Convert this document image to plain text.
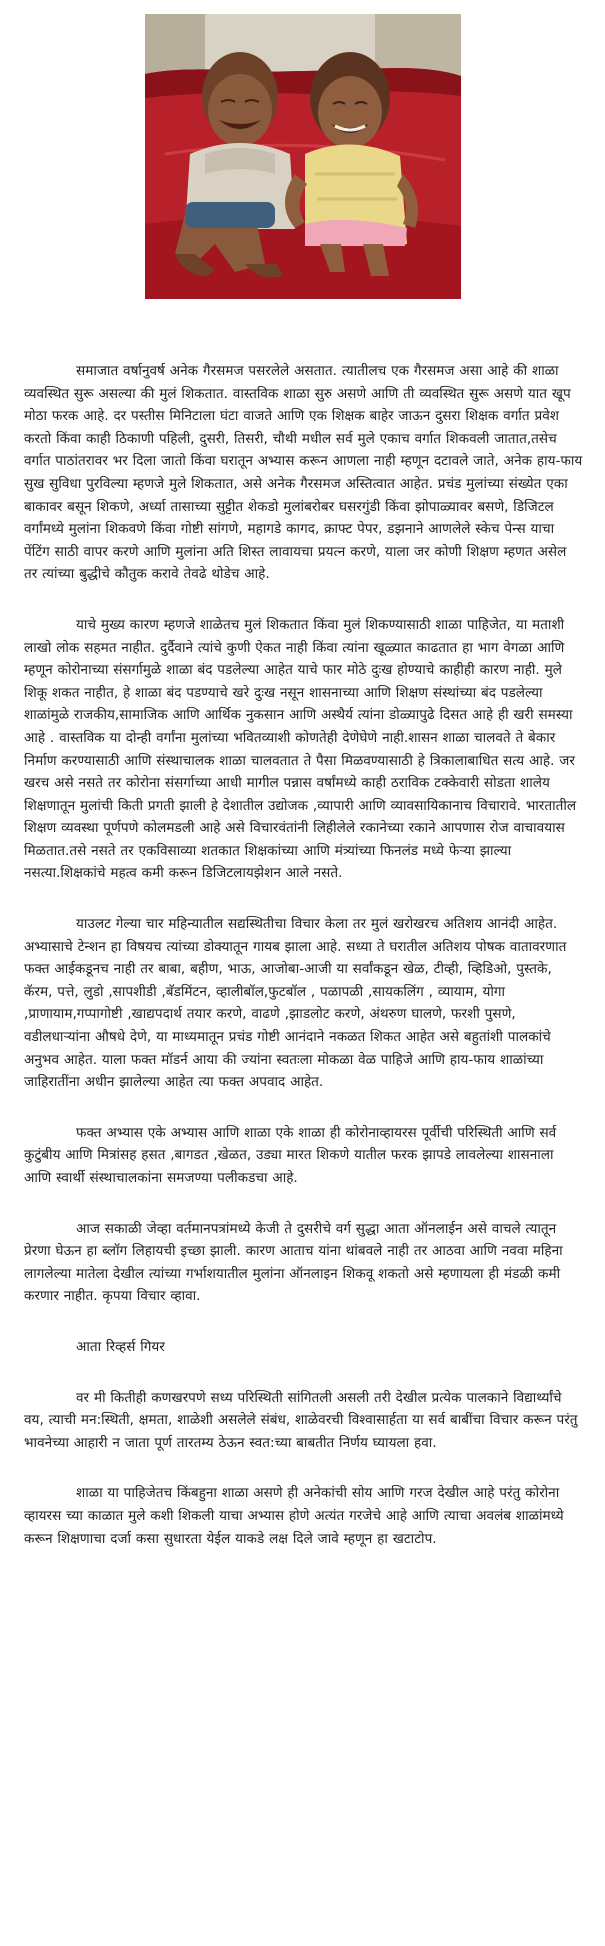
समाजात वर्षानुवर्ष अनेक गैरसमज पसरलेले असतात. त्यातीलच एक गैरसमज असा आहे की शाळा व्यवस्थित सुरू असल्या की मुलं शिकतात. वास्तविक शाळा सुरु असणे आणि ती व्यवस्थित सुरू असणे यात खूप मोठा फरक आहे. दर पस्तीस मिनिटाला घंटा वाजते आणि एक शिक्षक बाहेर जाऊन दुसरा शिक्षक वर्गात प्रवेश करतो किंवा काही ठिकाणी पहिली, दुसरी, तिसरी, चौथी मधील सर्व मुले एकाच वर्गात शिकवली जातात,तसेच वर्गात पाठांतरावर भर दिला जातो किंवा घरातून अभ्यास करून आणला नाही म्हणून दटावले जाते, अनेक हाय-फाय सुख सुविधा पुरविल्या म्हणजे मुले शिकतात, असे अनेक गैरसमज अस्तित्वात आहेत. प्रचंड मुलांच्या संख्येत एका बाकावर बसून शिकणे, अर्ध्या तासाच्या सुट्टीत शेकडो मुलांबरोबर घसरगुंडी किंवा झोपाळ्यावर बसणे, डिजिटल वर्गांमध्ये मुलांना शिकवणे किंवा गोष्टी सांगणे, महागडे कागद, क्राफ्ट पेपर, डझनाने आणलेले स्केच पेन्स याचा पेंटिंग साठी वापर करणे आणि मुलांना अति शिस्त लावायचा प्रयत्न करणे, याला जर कोणी शिक्षण म्हणत असेल तर त्यांच्या बुद्धीचे कौतुक करावे तेवढे थोडेच आहे.

याचे मुख्य कारण म्हणजे शाळेतच मुलं शिकतात किंवा मुलं शिकण्यासाठी शाळा पाहिजेत, या मताशी लाखो लोक सहमत नाहीत. दुर्दैवाने त्यांचे कुणी ऐकत नाही किंवा त्यांना खूळ्यात काढतात हा भाग वेगळा आणि म्हणून कोरोनाच्या संसर्गामुळे शाळा बंद पडलेल्या आहेत याचे फार मोठे दुःख होण्याचे काहीही कारण नाही. मुले शिकू शकत नाहीत, हे शाळा बंद पडण्याचे खरे दुःख नसून शासनाच्या आणि शिक्षण संस्थांच्या बंद पडलेल्या शाळांमुळे राजकीय,सामाजिक आणि आर्थिक नुकसान आणि अस्थैर्य त्यांना डोळ्यापुढे दिसत आहे ही खरी समस्या आहे . वास्तविक या दोन्ही वर्गांना मुलांच्या भवितव्याशी कोणतेही देणेघेणे नाही.शासन शाळा चालवते ते बेकार निर्माण करण्यासाठी आणि संस्थाचालक शाळा चालवतात ते पैसा मिळवण्यासाठी हे त्रिकालाबाधित सत्य आहे. जर खरच असे नसते तर कोरोना संसर्गाच्या आधी मागील पन्नास वर्षांमध्ये काही ठराविक टक्केवारी सोडता शालेय शिक्षणातून मुलांची किती प्रगती झाली हे देशातील उद्योजक ,व्यापारी आणि व्यावसायिकानाच विचारावे. भारतातील शिक्षण व्यवस्था पूर्णपणे कोलमडली आहे असे विचारवंतांनी लिहीलेले रकानेच्या रकाने आपणास रोज वाचावयास मिळतात.तसे नसते तर एकविसाव्या शतकात शिक्षकांच्या आणि मंत्र्यांच्या फिनलंड मध्ये फेऱ्या झाल्या नसत्या.शिक्षकांचे महत्व कमी करून डिजिटलायझेशन आले नसते.

याउलट गेल्या चार महिन्यातील सद्यस्थितीचा विचार केला तर मुलं खरोखरच अतिशय आनंदी आहेत. अभ्यासाचे टेन्शन हा विषयच त्यांच्या डोक्यातून गायब झाला आहे. सध्या ते घरातील अतिशय पोषक वातावरणात फक्त आईकडूनच नाही तर बाबा, बहीण, भाऊ, आजोबा-आजी या सर्वांकडून खेळ, टीव्ही, व्हिडिओ, पुस्तके, कॅरम, पत्ते, लुडो ,सापशीडी ,बॅडमिंटन, व्हालीबॉल,फुटबॉल , पळापळी ,सायकलिंग , व्यायाम, योगा ,प्राणायाम,गप्पागोष्टी ,खाद्यपदार्थ तयार करणे, वाढणे ,झाडलोट करणे, अंथरुण घालणे, फरशी पुसणे, वडीलधाऱ्यांना औषधे देणे, या माध्यमातून प्रचंड गोष्टी आनंदाने नकळत शिकत आहेत असे बहुतांशी पालकांचे अनुभव आहेत. याला फक्त मॉडर्न आया की ज्यांना स्वतःला मोकळा वेळ पाहिजे आणि हाय-फाय शाळांच्या जाहिरातींना अधीन झालेल्या आहेत त्या फक्त अपवाद आहेत.

फक्त अभ्यास एके अभ्यास आणि शाळा एके शाळा ही कोरोनाव्हायरस पूर्वीची परिस्थिती आणि सर्व कुटुंबीय आणि मित्रांसह हसत ,बागडत ,खेळत, उड्या मारत शिकणे यातील फरक झापडे लावलेल्या शासनाला आणि स्वार्थी संस्थाचालकांना समजण्या पलीकडचा आहे.

आज सकाळी जेव्हा वर्तमानपत्रांमध्ये केजी ते दुसरीचे वर्ग सुद्धा आता ऑनलाईन असे वाचले त्यातून प्रेरणा घेऊन हा ब्लॉग लिहायची इच्छा झाली. कारण आताच यांना थांबवले नाही तर आठवा आणि नववा महिना लागलेल्या मातेला देखील त्यांच्या गर्भाशयातील मुलांना ऑनलाइन शिकवू शकतो असे म्हणायला ही मंडळी कमी करणार नाहीत. कृपया विचार व्हावा.

आता रिव्हर्स गियर

वर मी कितीही कणखरपणे सध्य परिस्थिती सांगितली असली तरी देखील प्रत्येक पालकाने विद्यार्थ्यांचे वय, त्याची मन:स्थिती, क्षमता, शाळेशी असलेले संबंध, शाळेवरची विश्वासार्हता या सर्व बाबींचा विचार करून परंतु भावनेच्या आहारी न जाता पूर्ण तारतम्य ठेऊन स्वत:च्या बाबतीत निर्णय घ्यायला हवा.

शाळा या पाहिजेतच किंबहुना शाळा असणे ही अनेकांची सोय आणि गरज देखील आहे परंतु कोरोना व्हायरस च्या काळात मुले कशी शिकली याचा अभ्यास होणे अत्यंत गरजेचे आहे आणि त्याचा अवलंब शाळांमध्ये करून शिक्षणाचा दर्जा कसा सुधारता येईल याकडे लक्ष दिले जावे म्हणून हा खटाटोप.
